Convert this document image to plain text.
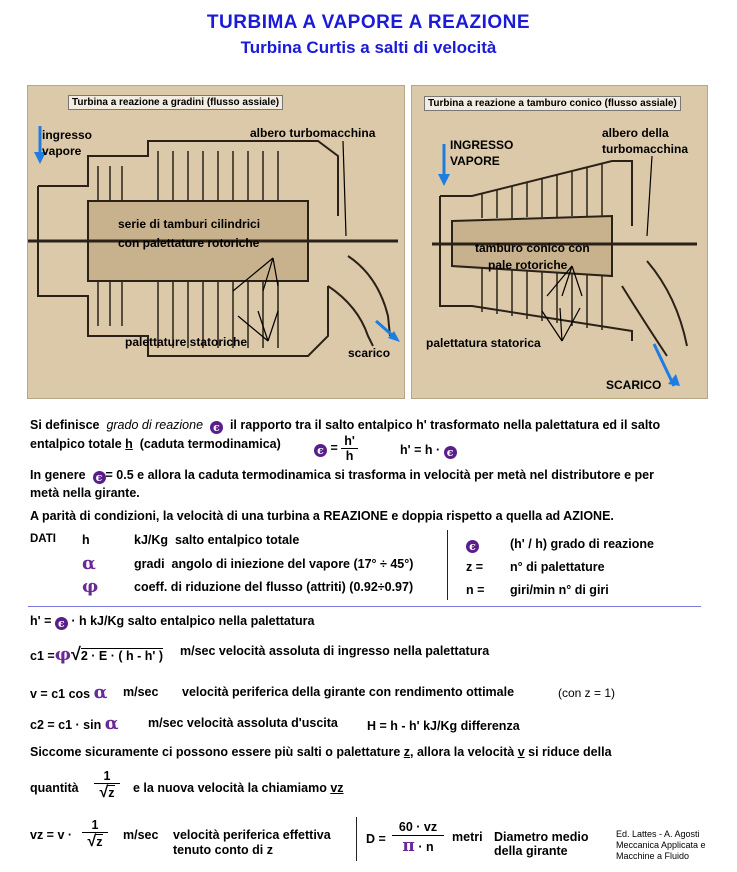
TURBIMA A VAPORE A REAZIONE
Turbina Curtis a salti di velocità
Turbina a reazione a gradini (flusso assiale)
ingresso
vapore
albero turbomacchina
serie di tamburi cilindrici
con palettature rotoriche
palettature statoriche
scarico
Turbina a reazione a tamburo conico (flusso assiale)
INGRESSO
VAPORE
albero della
turbomacchina
tamburo conico con
pale rotoriche
palettatura statorica
SCARICO
Si definisce grado di reazione ϵ il rapporto tra il salto entalpico h' trasformato nella palettatura ed il salto
entalpico totale h (caduta termodinamica)	$\epsilon = \frac{h'}{h}$	h' = h · ϵ
In genere ϵ = 0.5 e allora la caduta termodinamica si trasforma in velocità per metà nel distributore e per
metà nella girante.
A parità di condizioni, la velocità di una turbina a REAZIONE e doppia rispetto a quella ad AZIONE.
DATI h	kJ/Kg salto entalpico totale
α	gradi angolo di iniezione del vapore (17° ÷ 45°)
φ	coeff. di riduzione del flusso (attriti) (0.92÷0.97)
ϵ	(h' / h) grado di reazione
z = n° di palettature
n = giri/min n° di giri
h' = ϵ · h kJ/Kg salto entalpico nella palettatura
c1 =φ√2 · E · ( h - h' ) m/sec velocità assoluta di ingresso nella palettatura
v = c1 cos α m/sec velocità periferica della girante con rendimento ottimale	(con z = 1)
c2 = c1 · sin α m/sec velocità assoluta d'uscita H = h - h' kJ/Kg differenza
Siccome sicuramente ci possono essere più salti o palettature z, allora la velocità v si riduce della
quantità
1
√z	e la nuova velocità la chiamiamo vz
vz = v ·
1
√z	m/sec velocità periferica effettiva
tenuto conto di z
D =
60 · vz
π · n
metri Diametro medio
della girante
Ed. Lattes - A. Agosti
Meccanica Applicata e
Macchine a Fluido
